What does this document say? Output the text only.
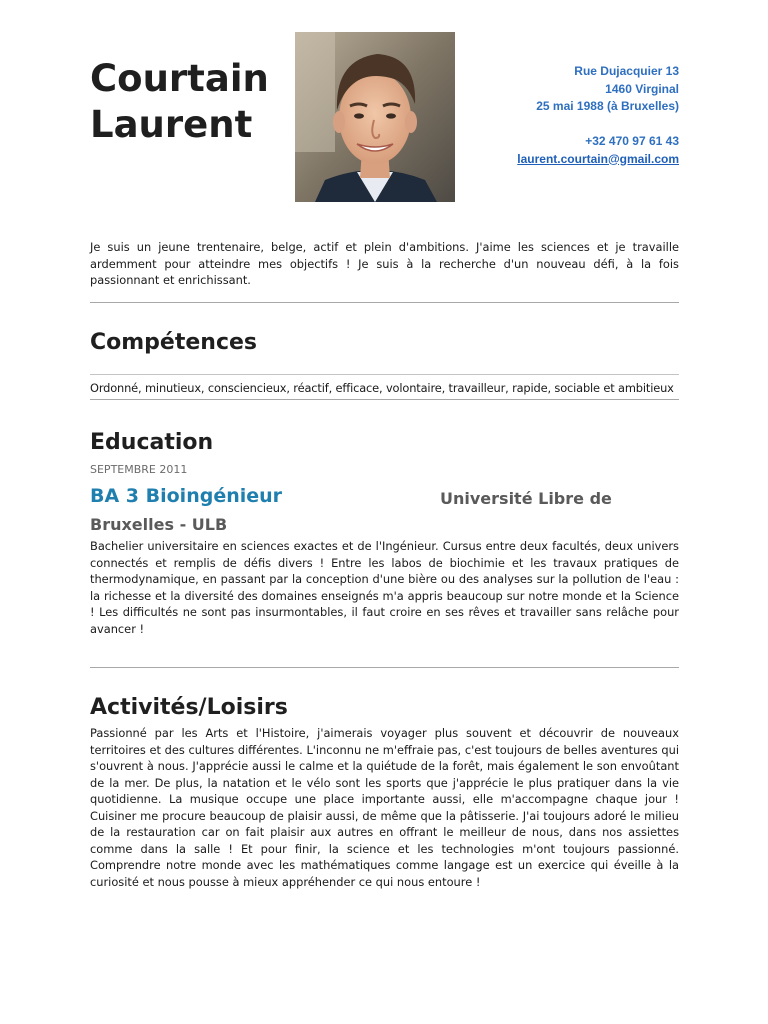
Courtain
Laurent
Rue Dujacquier 13
1460 Virginal
25 mai 1988 (à Bruxelles)
+32 470 97 61 43
laurent.courtain@gmail.com

Je suis un jeune trentenaire, belge, actif et plein d'ambitions. J'aime les sciences et je travaille ardemment pour atteindre mes objectifs ! Je suis à la recherche d'un nouveau défi, à la fois passionnant et enrichissant.

Compétences
Ordonné, minutieux, consciencieux, réactif, efficace, volontaire, travailleur, rapide, sociable et ambitieux
Education
SEPTEMBRE 2011
BA 3 Bioingénieur	Université Libre de
Bruxelles - ULB

Bachelier universitaire en sciences exactes et de l'Ingénieur. Cursus entre deux facultés, deux univers connectés et remplis de défis divers ! Entre les labos de biochimie et les travaux pratiques de thermodynamique, en passant par la conception d'une bière ou des analyses sur la pollution de l'eau : la richesse et la diversité des domaines enseignés m'a appris beaucoup sur notre monde et la Science ! Les difficultés ne sont pas insurmontables, il faut croire en ses rêves et travailler sans relâche pour avancer !

Activités/Loisirs

Passionné par les Arts et l'Histoire, j'aimerais voyager plus souvent et découvrir de nouveaux territoires et des cultures différentes. L'inconnu ne m'effraie pas, c'est toujours de belles aventures qui s'ouvrent à nous. J'apprécie aussi le calme et la quiétude de la forêt, mais également le son envoûtant de la mer. De plus, la natation et le vélo sont les sports que j'apprécie le plus pratiquer dans la vie quotidienne. La musique occupe une place importante aussi, elle m'accompagne chaque jour ! Cuisiner me procure beaucoup de plaisir aussi, de même que la pâtisserie. J'ai toujours adoré le milieu de la restauration car on fait plaisir aux autres en offrant le meilleur de nous, dans nos assiettes comme dans la salle ! Et pour finir, la science et les technologies m'ont toujours passionné. Comprendre notre monde avec les mathématiques comme langage est un exercice qui éveille à la curiosité et nous pousse à mieux appréhender ce qui nous entoure !
